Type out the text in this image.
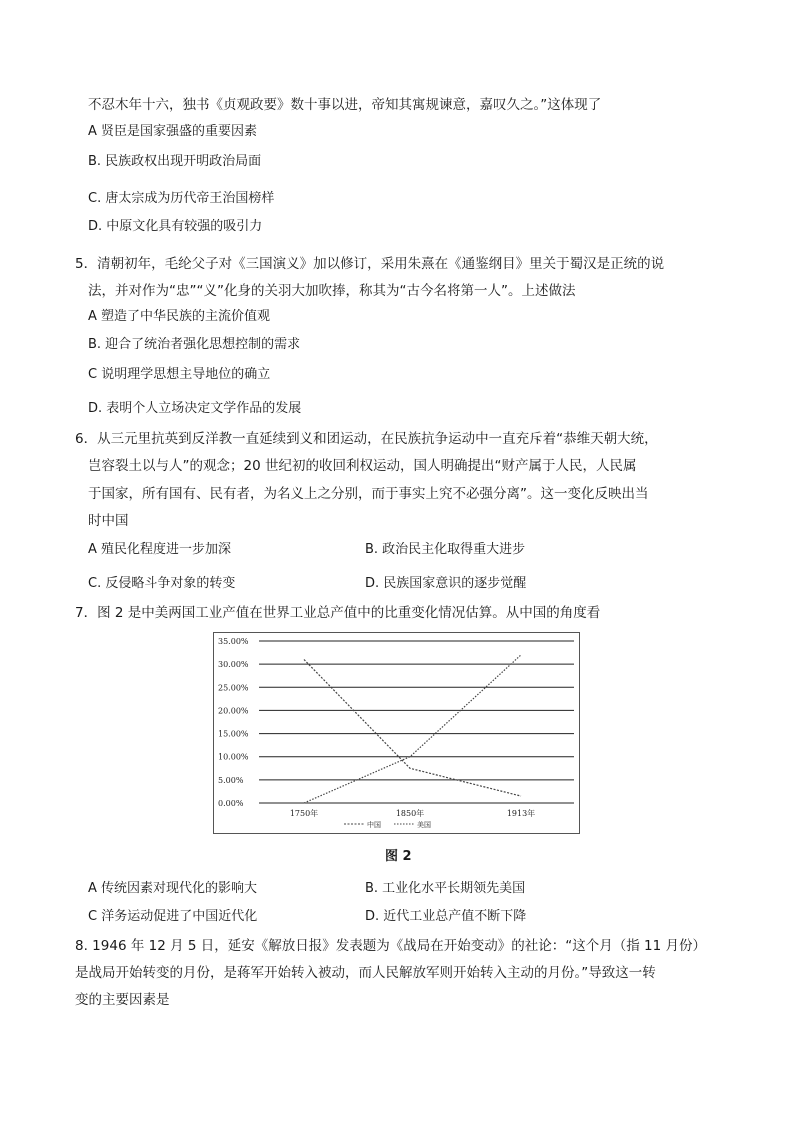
不忍木年十六，独书《贞观政要》数十事以进，帝知其寓规谏意，嘉叹久之。”这体现了
A 贤臣是国家强盛的重要因素
B. 民族政权出现开明政治局面
C. 唐太宗成为历代帝王治国榜样
D. 中原文化具有较强的吸引力
5．清朝初年，毛纶父子对《三国演义》加以修订，采用朱熹在《通鉴纲目》里关于蜀汉是正统的说
法，并对作为“忠”“义”化身的关羽大加吹捧，称其为“古今名将第一人”。上述做法
A 塑造了中华民族的主流价值观
B. 迎合了统治者强化思想控制的需求
C 说明理学思想主导地位的确立
D. 表明个人立场决定文学作品的发展
6．从三元里抗英到反洋教一直延续到义和团运动，在民族抗争运动中一直充斥着“恭维天朝大统，
岂容裂土以与人”的观念；20 世纪初的收回利权运动，国人明确提出“财产属于人民，人民属
于国家，所有国有、民有者，为名义上之分别，而于事实上究不必强分离”。这一变化反映出当
时中国
A 殖民化程度进一步加深	B. 政治民主化取得重大进步
C. 反侵略斗争对象的转变	D. 民族国家意识的逐步觉醒
7．图 2 是中美两国工业产值在世界工业总产值中的比重变化情况估算。从中国的角度看
0.00%
5.00%
10.00%
15.00%
20.00%
25.00%
30.00%
35.00%
1750年	1850年	1913年
中国	美国
图 2
A 传统因素对现代化的影响大	B. 工业化水平长期领先美国
C 洋务运动促进了中国近代化	D. 近代工业总产值不断下降
8. 1946 年 12 月 5 日，延安《解放日报》发表题为《战局在开始变动》的社论：“这个月（指 11 月份）
是战局开始转变的月份，是蒋军开始转入被动，而人民解放军则开始转入主动的月份。”导致这一转
变的主要因素是
